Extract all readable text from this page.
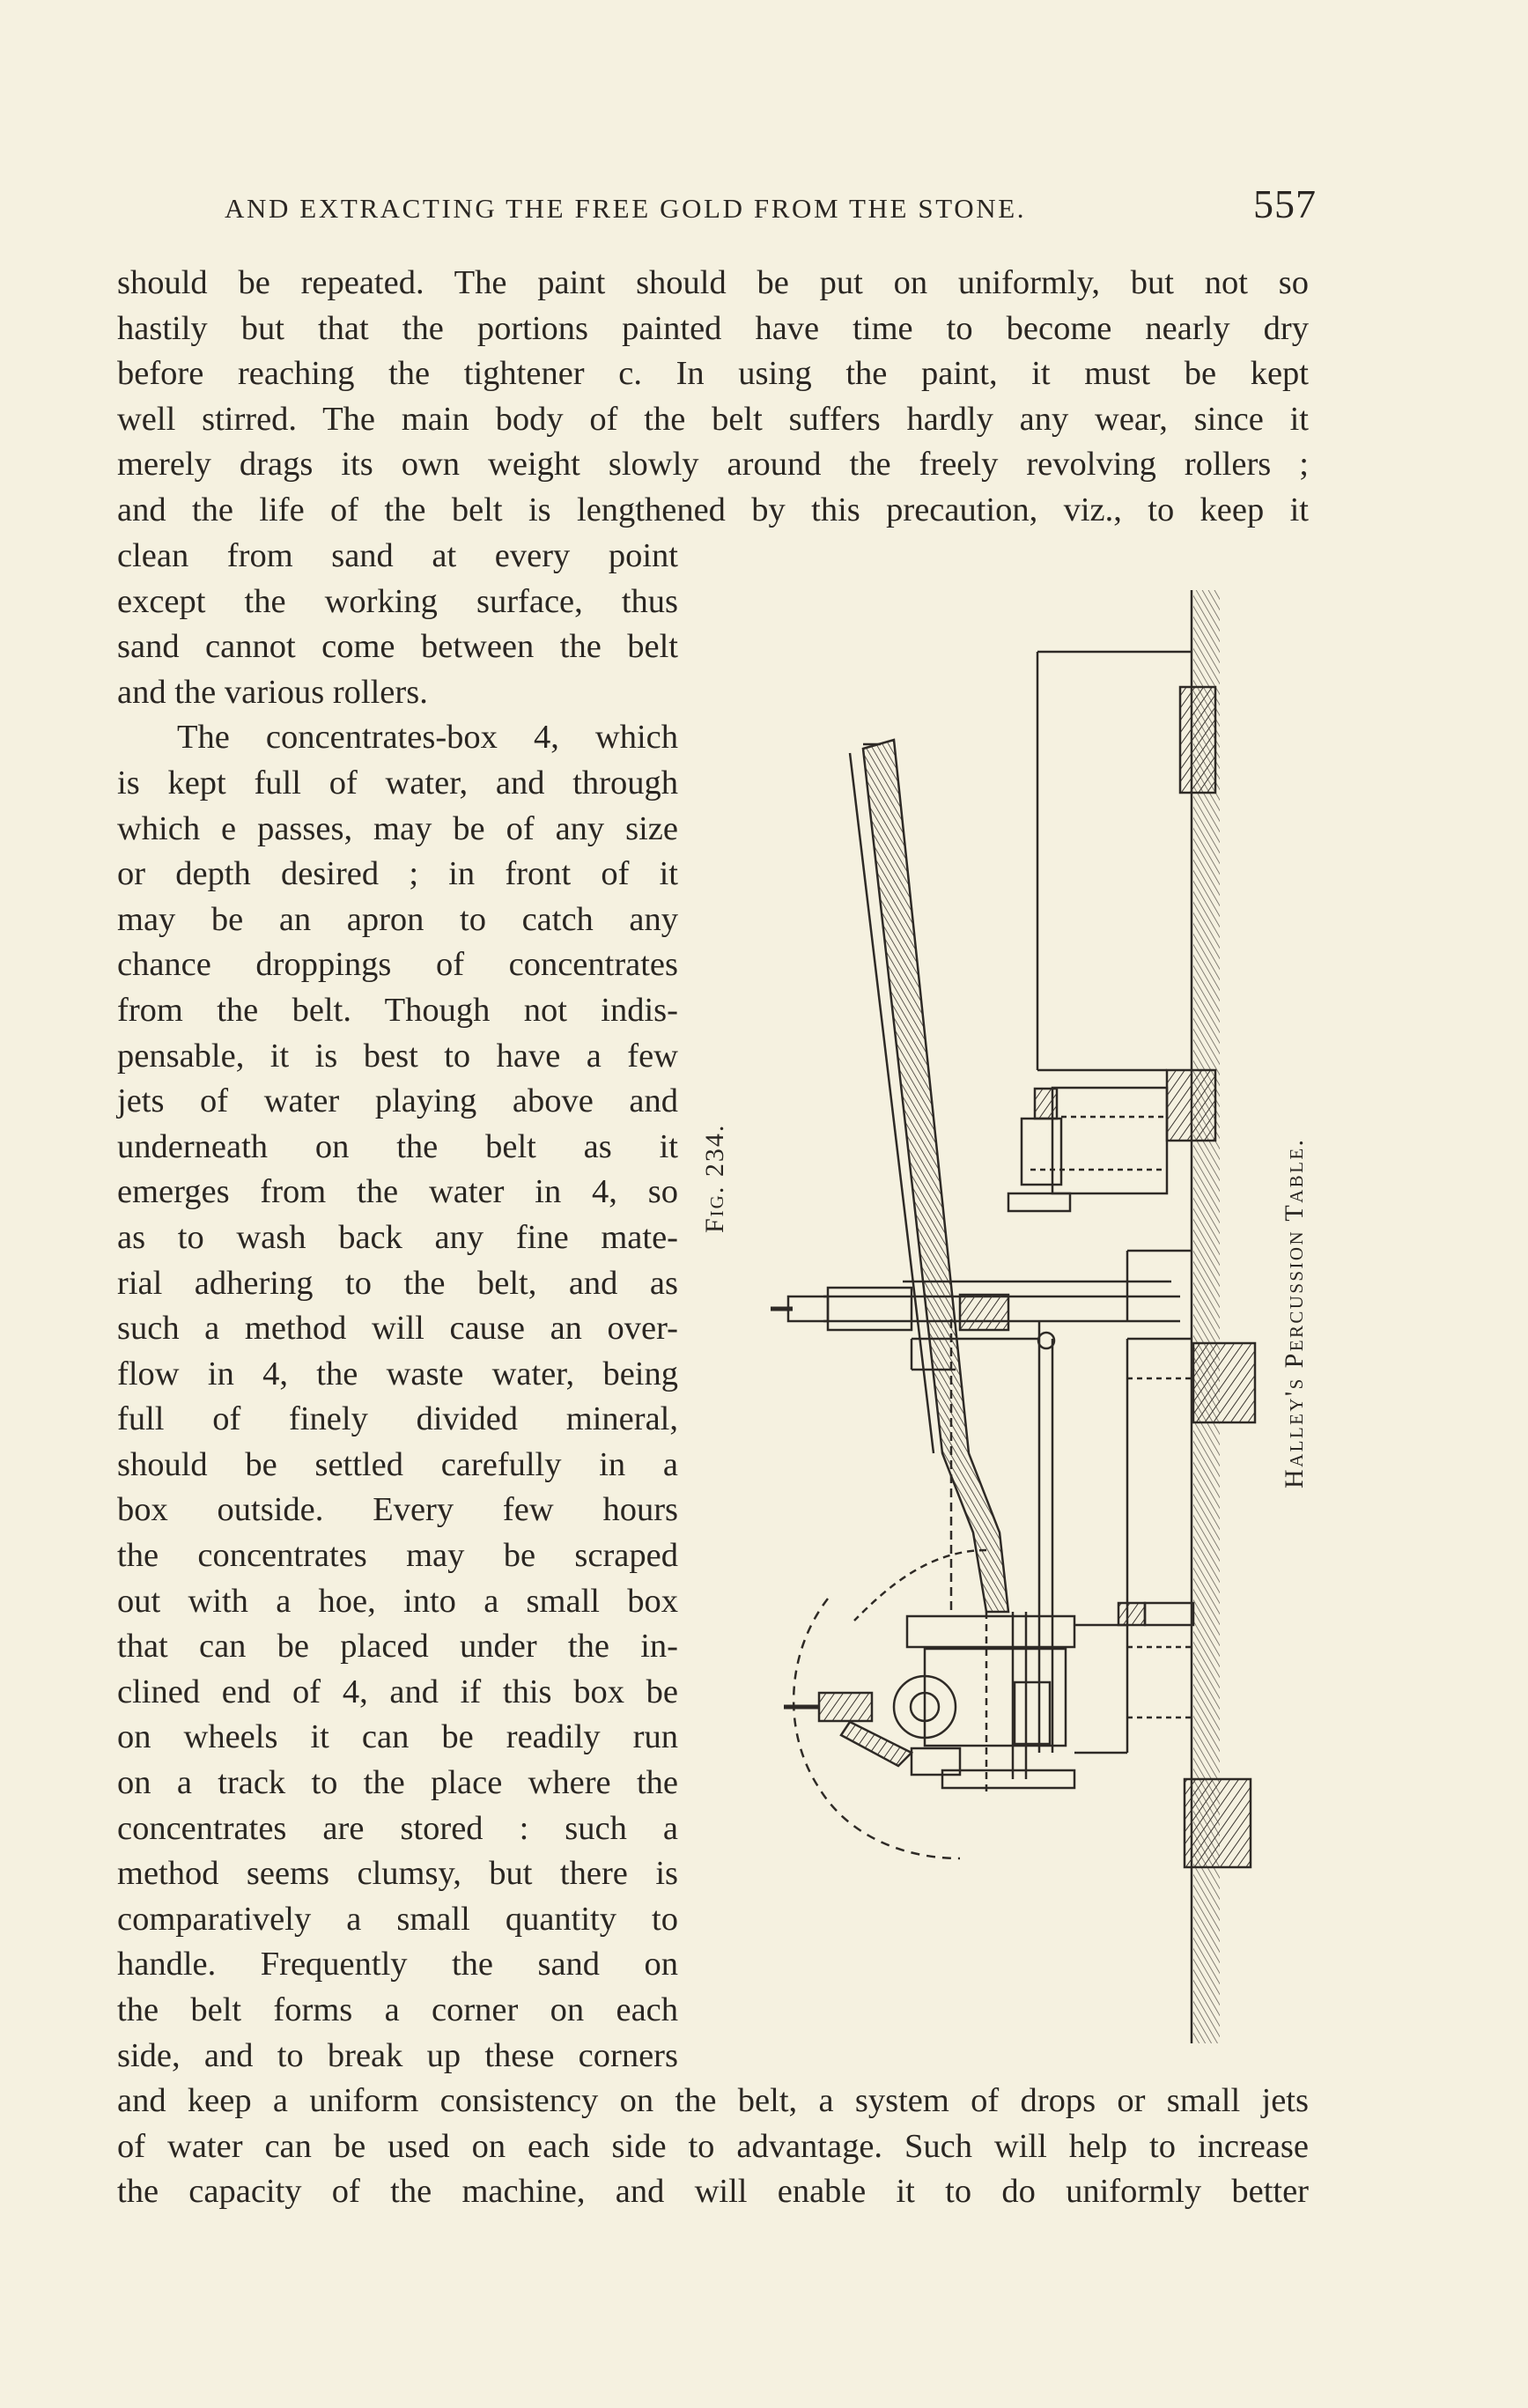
AND EXTRACTING THE FREE GOLD FROM THE STONE.	557

should be repeated. The paint should be put on uniformly, but not so
hastily but that the portions painted have time to become nearly dry
before reaching the tightener c. In using the paint, it must be kept
well stirred. The main body of the belt suffers hardly any wear, since it
merely drags its own weight slowly around the freely revolving rollers ;
and the life of the belt is lengthened by this precaution, viz., to keep it

clean from sand at every point
except the working surface, thus
sand cannot come between the belt
and the various rollers.
The concentrates-box 4, which
is kept full of water, and through
which e passes, may be of any size
or depth desired ; in front of it
may be an apron to catch any
chance droppings of concentrates
from the belt. Though not indis-
pensable, it is best to have a few
jets of water playing above and
underneath on the belt as it
emerges from the water in 4, so
as to wash back any fine mate-
rial adhering to the belt, and as
such a method will cause an over-
flow in 4, the waste water, being
full of finely divided mineral,
should be settled carefully in a
box outside. Every few hours
the concentrates may be scraped
out with a hoe, into a small box
that can be placed under the in-
clined end of 4, and if this box be
on wheels it can be readily run
on a track to the place where the
concentrates are stored : such a
method seems clumsy, but there is
comparatively a small quantity to
handle. Frequently the sand on
the belt forms a corner on each
side, and to break up these corners

and keep a uniform consistency on the belt, a system of drops or small jets
of water can be used on each side to advantage. Such will help to increase
the capacity of the machine, and will enable it to do uniformly better

Fig. 234.	Halley's Percussion Table.
